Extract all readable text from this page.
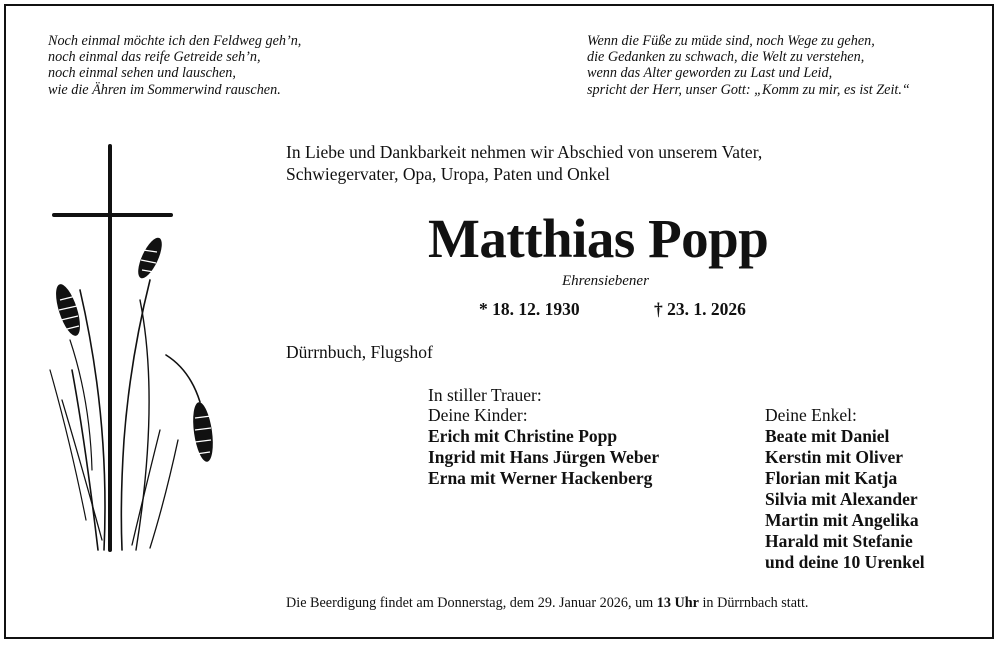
Noch einmal möchte ich den Feldweg geh’n,
noch einmal das reife Getreide seh’n,
noch einmal sehen und lauschen,
wie die Ähren im Sommerwind rauschen.
Wenn die Füße zu müde sind, noch Wege zu gehen,
die Gedanken zu schwach, die Welt zu verstehen,
wenn das Alter geworden zu Last und Leid,
spricht der Herr, unser Gott: „Komm zu mir, es ist Zeit.“
In Liebe und Dankbarkeit nehmen wir Abschied von unserem Vater,
Schwiegervater, Opa, Uropa, Paten und Onkel
Matthias Popp
Ehrensiebener
* 18. 12. 1930	† 23. 1. 2026
Dürrnbuch, Flugshof
In stiller Trauer:
Deine Kinder:
Erich mit Christine Popp
Ingrid mit Hans Jürgen Weber
Erna mit Werner Hackenberg
Deine Enkel:
Beate mit Daniel
Kerstin mit Oliver
Florian mit Katja
Silvia mit Alexander
Martin mit Angelika
Harald mit Stefanie
und deine 10 Urenkel
Die Beerdigung findet am Donnerstag, dem 29. Januar 2026, um 13 Uhr in Dürrnbach statt.
